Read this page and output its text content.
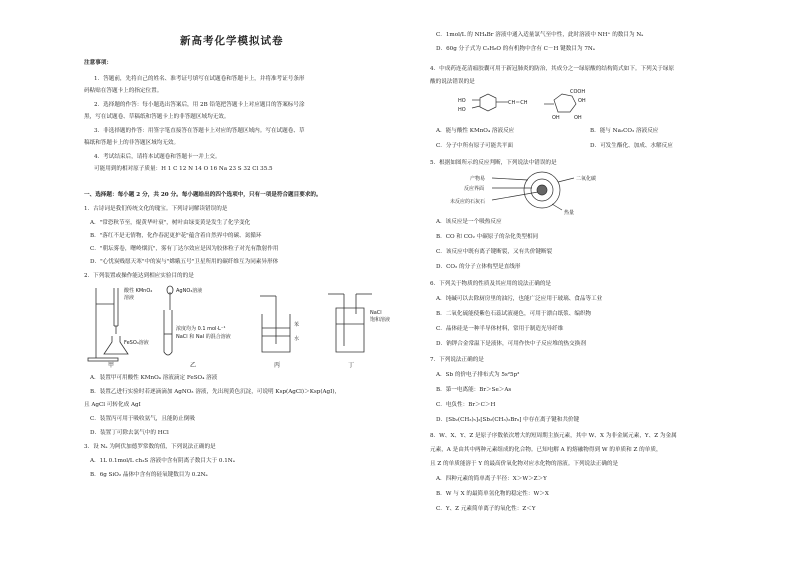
新高考化学模拟试卷
注意事项：
1．答题前，先将自己的姓名、准考证号填写在试题卷和答题卡上，并将准考证号条形
码粘贴在答题卡上的指定位置。
2．选择题的作答：每小题选出答案后，用 2B 铅笔把答题卡上对应题目的答案标号涂
黑，写在试题卷、草稿纸和答题卡上的非答题区域均无效。
3．非选择题的作答：用签字笔直接答在答题卡上对应的答题区域内。写在试题卷、草
稿纸和答题卡上的非答题区域均无效。
4．考试结束后，请将本试题卷和答题卡一并上交。
可能用到的相对原子质量：H 1 C 12 N 14 O 16 Na 23 S 32 Cl 35.5
一、选择题：每小题 2 分，共 20 分。每小题给出的四个选项中，只有一项是符合题目要求的。
1．古诗词是我们传统文化的瑰宝。下列诗词解读错误的是
A．"常恐秋节至，焜黄华叶衰"，树叶由绿变黄是发生了化学变化
B．"落红不是无情物，化作春泥更护花"蕴含着自然界中的碳、氮循环
C．"朝坛雾卷，曙岭烟沉"，雾有丁达尔效应是因为胶体粒子对光有散射作用
D．"心忧炭贱愿天寒"中的炭与"嫦娥五号"卫星所用的碳纤维互为同素异形体
2．下列装置或操作能达到相应实验目的的是
酸性 KMnO₄
溶液
FeSO₄溶液
AgNO₃溶液
浓度均为 0.1 mol·L⁻¹
NaCl 和 NaI 的混合溶液
苯
水
NaCl
饱和溶液
甲	乙	丙	丁
A．装置甲可用酸性 KMnO₄ 溶液滴定 FeSO₄ 溶液
B．装置乙进行实验时若逐滴滴加 AgNO₃ 溶液，先出现黄色沉淀，可说明 Ksp(AgCl)＞Ksp(AgI)，
且 AgCl 可转化成 AgI
C．装置丙可用于吸收氨气，且能防止倒吸
D．装置丁可除去氯气中的 HCl
3．设 Nₐ 为阿伏加德罗常数的值，下列说法正确的是
A．1L 0.1mol/L ch₃S 溶液中含有阴离子数目大于 0.1Nₐ
B．6g SiO₂ 晶体中含有的硅氧键数目为 0.2Nₐ
C．1mol/L 的 NH₄Br 溶液中通入适量氯气至中性，此时溶液中 NH⁺ 的数目为 Nₐ
D．60g 分子式为 C₃H₈O 的有机物中含有 C－H 键数目为 7Nₐ
4．中成药连花清瘟胶囊可用于新冠肺炎的防治，其成分之一绿原酸的结构简式如下。下列关于绿原
酸的说法错误的是
HO
HO
CH＝CH
COOH
OH
OH
OH
A．能与酸性 KMnO₄ 溶液反应	B．能与 Na₂CO₃ 溶液反应
C．分子中所有原子可能共平面	D．可发生酯化、加成、水解反应
5．根据如图所示的反应判断，下列说法中错误的是
产物易
反应界面
未反应的石灰石
二氧化碳
热量
A．该反应是一个吸热反应
B．CO 和 CO₂ 中碳原子的杂化类型相同
C．该反应中既有离子键断裂，又有共价键断裂
D．CO₂ 的分子立体构型是直线形
6．下列关于物质的性质及其应用的说法正确的是
A．纯碱可以去除厨房里的油污，也能广泛应用于玻璃、食品等工业
B．二氧化硫能使紫色石蕊试液褪色，可用于漂白纸浆、编织物
C．晶体硅是一种半导体材料，常用于制造光导纤维
D．钠钾合金常温下是液体，可用作快中子反应堆的热交换剂
7．下列说法正确的是
A．Sb 的价电子排布式为 5s²5p³
B．第一电离能：Br＞Se＞As
C．电负性：Br＞C＞H
D．[Sb₂(CH₃)₅]₂[Sb₂(CH₃)₂Br₆] 中存在离子键和共价键
8．W、X、Y、Z 是原子序数依次增大的短周期主族元素，其中 W、X 为非金属元素，Y、Z 为金属
元素，A 是由其中两种元素组成的化合物。已知电解 A 的熔融物得到 W 的单质和 Z 的单质，
且 Z 的单质能溶于 Y 的最高价氧化物对应水化物的溶液。下列说法正确的是
A．四种元素的简单离子半径：X＞W＞Z＞Y
B．W 与 X 的最简单氢化物的稳定性：W＞X
C．Y、Z 元素简单离子的氧化性：Z＜Y
